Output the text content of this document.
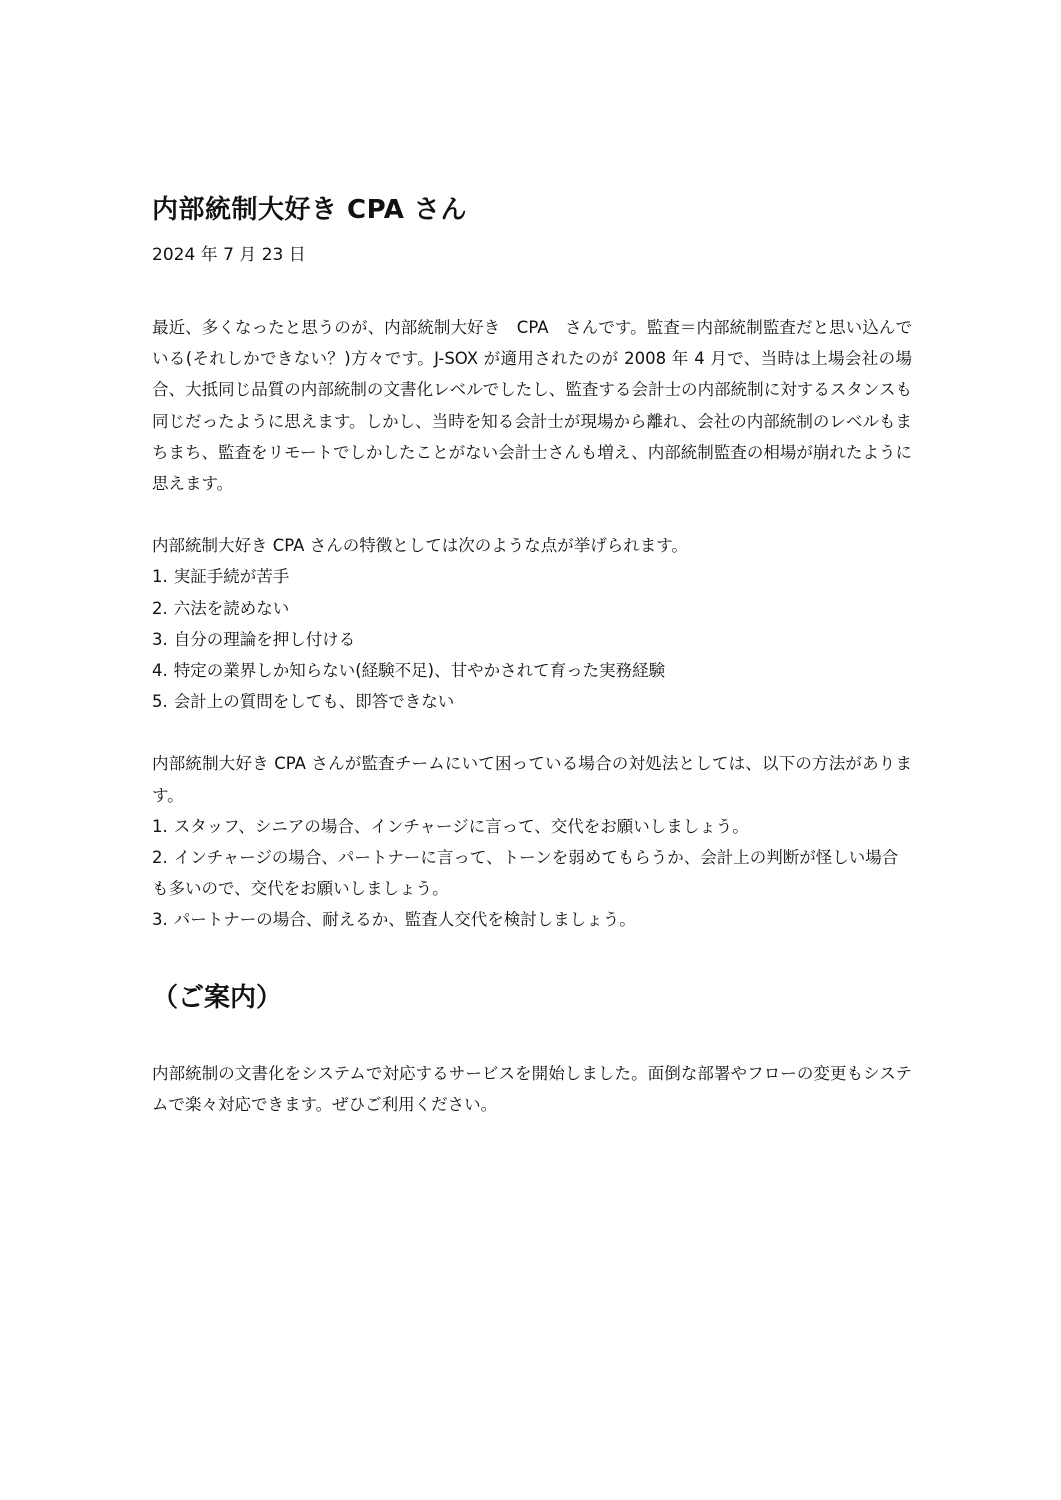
内部統制大好き CPA さん
2024 年 7 月 23 日

最近、多くなったと思うのが、内部統制大好き　CPA　さんです。監査＝内部統制監査だと思い込んでいる(それしかできない？)方々です。J-SOX が適用されたのが 2008 年 4 月で、当時は上場会社の場合、大抵同じ品質の内部統制の文書化レベルでしたし、監査する会計士の内部統制に対するスタンスも同じだったように思えます。しかし、当時を知る会計士が現場から離れ、会社の内部統制のレベルもまちまち、監査をリモートでしかしたことがない会計士さんも増え、内部統制監査の相場が崩れたように思えます。

内部統制大好き CPA さんの特徴としては次のような点が挙げられます。

1. 実証手続が苦手
2. 六法を読めない
3. 自分の理論を押し付ける
4. 特定の業界しか知らない(経験不足)、甘やかされて育った実務経験
5. 会計上の質問をしても、即答できない

内部統制大好き CPA さんが監査チームにいて困っている場合の対処法としては、以下の方法があります。

1. スタッフ、シニアの場合、インチャージに言って、交代をお願いしましょう。
2. インチャージの場合、パートナーに言って、トーンを弱めてもらうか、会計上の判断が怪しい場合も多いので、交代をお願いしましょう。
3. パートナーの場合、耐えるか、監査人交代を検討しましょう。
（ご案内）

内部統制の文書化をシステムで対応するサービスを開始しました。面倒な部署やフローの変更もシステムで楽々対応できます。ぜひご利用ください。
